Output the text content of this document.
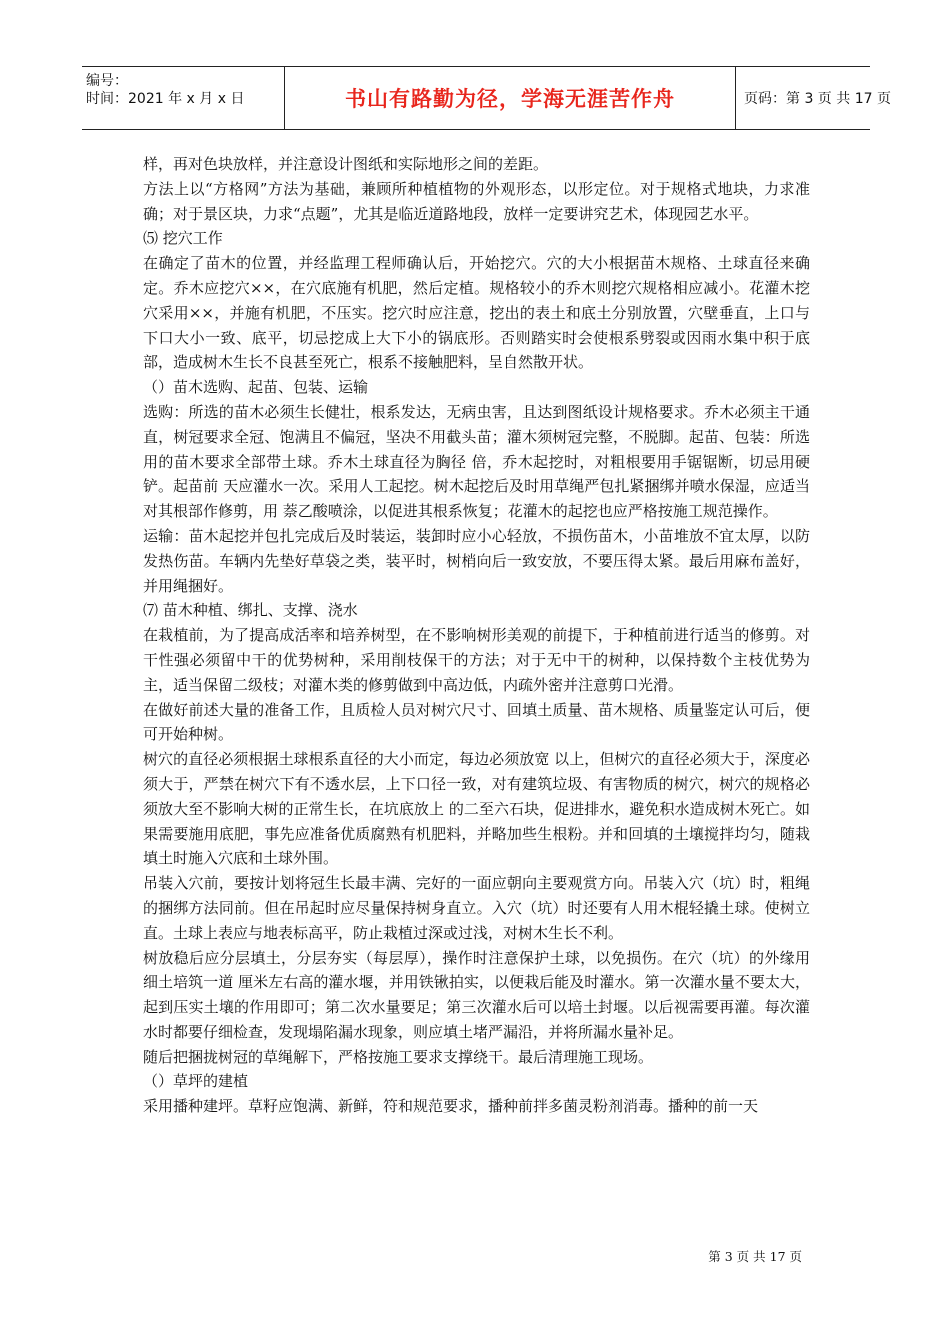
编号：
时间：2021 年 x 月 x 日	书山有路勤为径，学海无涯苦作舟	页码：第 3 页 共 17 页

样，再对色块放样，并注意设计图纸和实际地形之间的差距。

方法上以“方格网”方法为基础，兼顾所种植植物的外观形态，以形定位。对于规格式地块，力求准确；对于景区块，力求“点题”，尤其是临近道路地段，放样一定要讲究艺术，体现园艺水平。

⑸ 挖穴工作

在确定了苗木的位置，并经监理工程师确认后，开始挖穴。穴的大小根据苗木规格、土球直径来确定。乔木应挖穴××，在穴底施有机肥，然后定植。规格较小的乔木则挖穴规格相应减小。花灌木挖穴采用××，并施有机肥，不压实。挖穴时应注意，挖出的表土和底土分别放置，穴壁垂直，上口与下口大小一致、底平，切忌挖成上大下小的锅底形。否则踏实时会使根系劈裂或因雨水集中积于底部，造成树木生长不良甚至死亡，根系不接触肥料，呈自然散开状。

（）苗木选购、起苗、包装、运输

选购：所选的苗木必须生长健壮，根系发达，无病虫害，且达到图纸设计规格要求。乔木必须主干通直，树冠要求全冠、饱满且不偏冠，坚决不用截头苗；灌木须树冠完整，不脱脚。起苗、包装：所选用的苗木要求全部带土球。乔木土球直径为胸径 倍，乔木起挖时，对粗根要用手锯锯断，切忌用硬铲。起苗前 天应灌水一次。采用人工起挖。树木起挖后及时用草绳严包扎紧捆绑并喷水保湿，应适当对其根部作修剪，用 萘乙酸喷涂，以促进其根系恢复；花灌木的起挖也应严格按施工规范操作。

运输：苗木起挖并包扎完成后及时装运，装卸时应小心轻放，不损伤苗木，小苗堆放不宜太厚，以防发热伤苗。车辆内先垫好草袋之类，装平时，树梢向后一致安放，不要压得太紧。最后用麻布盖好，并用绳捆好。

⑺ 苗木种植、绑扎、支撑、浇水

在栽植前，为了提高成活率和培养树型，在不影响树形美观的前提下，于种植前进行适当的修剪。对干性强必须留中干的优势树种，采用削枝保干的方法；对于无中干的树种，以保持数个主枝优势为主，适当保留二级枝；对灌木类的修剪做到中高边低，内疏外密并注意剪口光滑。

在做好前述大量的准备工作，且质检人员对树穴尺寸、回填土质量、苗木规格、质量鉴定认可后，便可开始种树。

树穴的直径必须根据土球根系直径的大小而定，每边必须放宽 以上，但树穴的直径必须大于，深度必须大于，严禁在树穴下有不透水层，上下口径一致，对有建筑垃圾、有害物质的树穴，树穴的规格必须放大至不影响大树的正常生长，在坑底放上 的二至六石块，促进排水，避免积水造成树木死亡。如果需要施用底肥，事先应准备优质腐熟有机肥料，并略加些生根粉。并和回填的土壤搅拌均匀，随栽填土时施入穴底和土球外围。

吊装入穴前，要按计划将冠生长最丰满、完好的一面应朝向主要观赏方向。吊装入穴（坑）时，粗绳的捆绑方法同前。但在吊起时应尽量保持树身直立。入穴（坑）时还要有人用木棍轻撬土球。使树立直。土球上表应与地表标高平，防止栽植过深或过浅，对树木生长不利。

树放稳后应分层填土，分层夯实（每层厚），操作时注意保护土球，以免损伤。在穴（坑）的外缘用细土培筑一道 厘米左右高的灌水堰，并用铁锹拍实，以便栽后能及时灌水。第一次灌水量不要太大，起到压实土壤的作用即可；第二次水量要足；第三次灌水后可以培土封堰。以后视需要再灌。每次灌水时都要仔细检查，发现塌陷漏水现象，则应填土堵严漏沿，并将所漏水量补足。

随后把捆拢树冠的草绳解下，严格按施工要求支撑绕干。最后清理施工现场。

（）草坪的建植

采用播种建坪。草籽应饱满、新鲜，符和规范要求，播种前拌多菌灵粉剂消毒。播种的前一天

第 3 页 共 17 页
